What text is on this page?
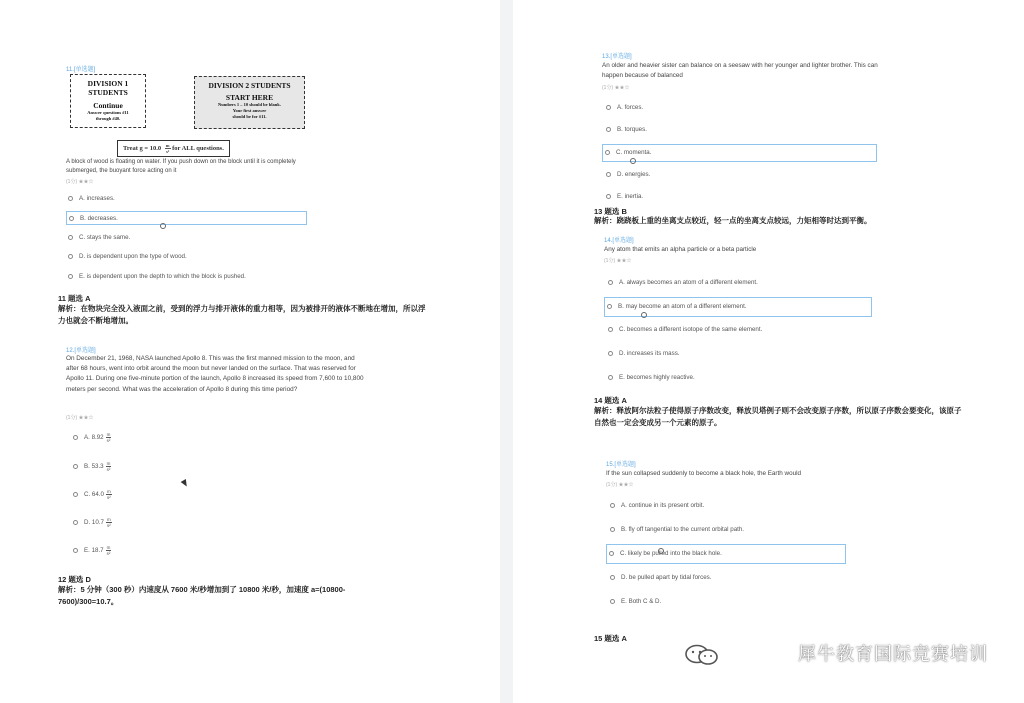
11.[单选题]
DIVISION 1
STUDENTS
Continue
Answer questions #11
through #40.
DIVISION 2 STUDENTS
START HERE
Numbers 1 – 10 should be blank.
Your first answer
should be for #11.
Treat $g = 10.0 \frac{m}{\text{s²}}$ for ALL questions.
A block of wood is floating on water. If you push down on the block until it is completely submerged, the buoyant force acting on it
(1分) ★★☆
A. increases.
B. decreases.
C. stays the same.
D. is dependent upon the type of wood.
E. is dependent upon the depth to which the block is pushed.
11 题选 A
解析：在物块完全没入液面之前，受到的浮力与排开液体的重力相等，因为被排开的液体不断地在增加，所以浮力也就会不断地增加。
12.[单选题]
On December 21, 1968, NASA launched Apollo 8. This was the first manned mission to the moon, and after 68 hours, went into orbit around the moon but never landed on the surface. That was reserved for Apollo 11. During one five-minute portion of the launch, Apollo 8 increased its speed from 7,600 to 10,800 meters per second. What was the acceleration of Apollo 8 during this time period?
(1分) ★★☆
A. $8.92 \frac{m}{\text{s²}}$
B. $53.3 \frac{m}{\text{s²}}$
C. $64.0 \frac{m}{\text{s²}}$
D. $10.7 \frac{m}{\text{s²}}$
E. $18.7 \frac{m}{\text{s²}}$
12 题选 D
解析：5 分钟（300 秒）内速度从 7600 米/秒增加到了 10800 米/秒，加速度 a=(10800-7600)/300=10.7。
13.[单选题]
An older and heavier sister can balance on a seesaw with her younger and lighter brother. This can happen because of balanced
(1分) ★★☆
A. forces.
B. torques.
C. momenta.
D. energies.
E. inertia.
13 题选 B
解析：跷跷板上重的坐离支点较近，轻一点的坐离支点较远，力矩相等时达到平衡。
14.[单选题]
Any atom that emits an alpha particle or a beta particle
(1分) ★★☆
A. always becomes an atom of a different element.
B. may become an atom of a different element.
C. becomes a different isotope of the same element.
D. increases its mass.
E. becomes highly reactive.
14 题选 A
解析：释放阿尔法粒子使得原子序数改变，释放贝塔例子则不会改变原子序数，所以原子序数会要变化，该原子自然也一定会变成另一个元素的原子。
15.[单选题]
If the sun collapsed suddenly to become a black hole, the Earth would
(1分) ★★☆
A. continue in its present orbit.
B. fly off tangential to the current orbital path.
C. likely be pulled into the black hole.
D. be pulled apart by tidal forces.
E. Both C & D.
15 题选 A
犀牛教育国际竞赛培训
